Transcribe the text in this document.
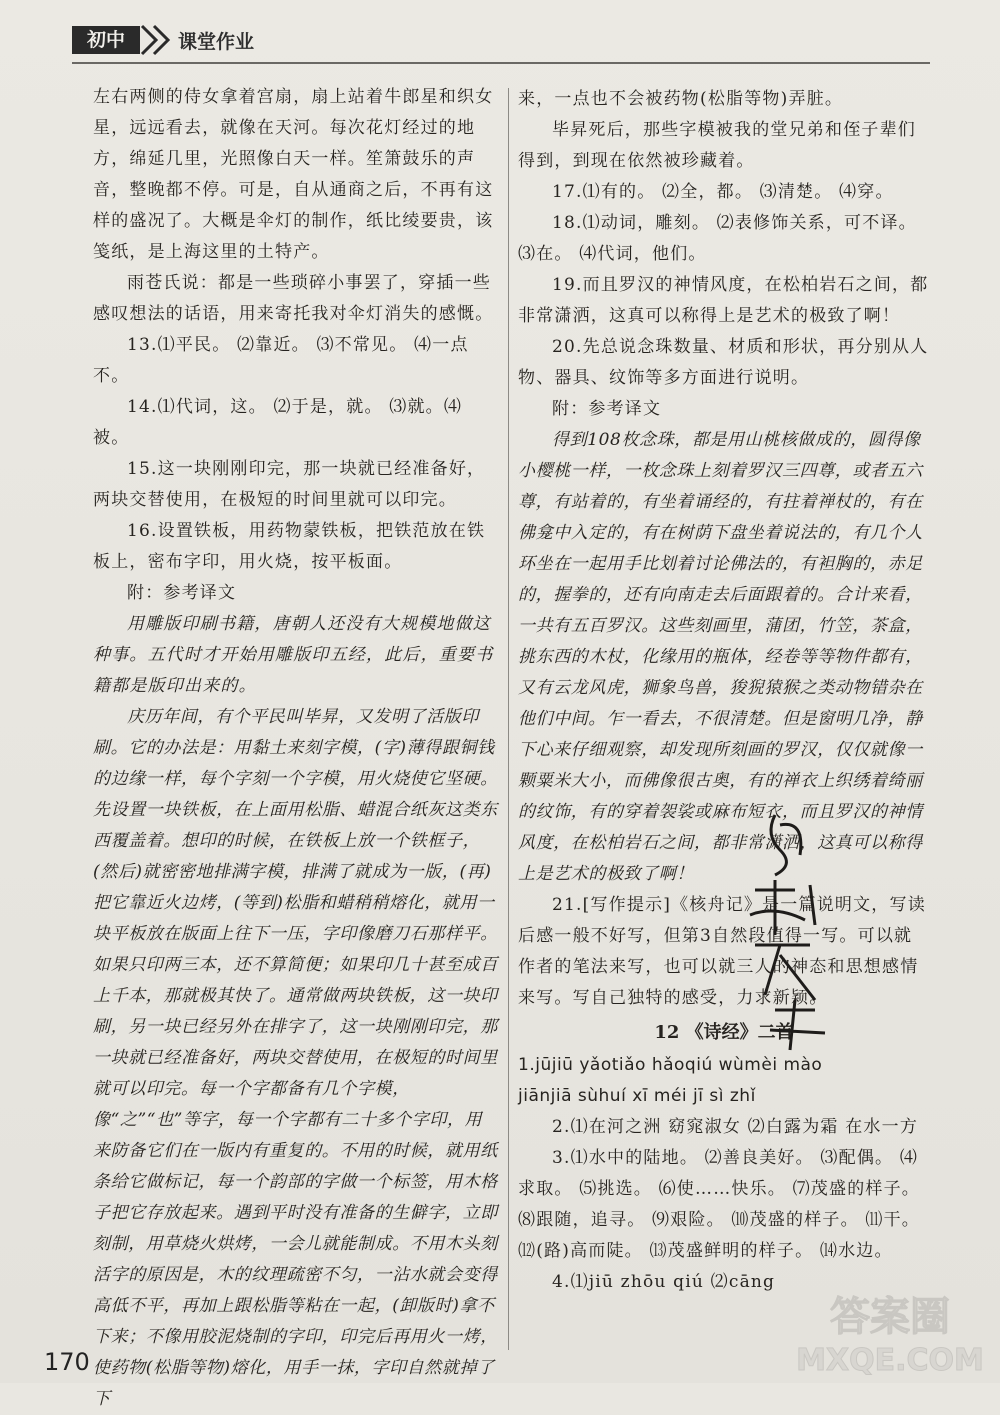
初中	课堂作业

左右两侧的侍女拿着宫扇，扇上站着牛郎星和织女星，远远看去，就像在天河。每次花灯经过的地方，绵延几里，光照像白天一样。笙箫鼓乐的声音，整晚都不停。可是，自从通商之后，不再有这样的盛况了。大概是伞灯的制作，纸比绫要贵，该笺纸，是上海这里的土特产。

雨苍氏说：都是一些琐碎小事罢了，穿插一些感叹想法的话语，用来寄托我对伞灯消失的感慨。

13.⑴平民。 ⑵靠近。 ⑶不常见。 ⑷一点不。

14.⑴代词，这。 ⑵于是，就。 ⑶就。⑷被。

15.这一块刚刚印完，那一块就已经准备好，两块交替使用，在极短的时间里就可以印完。

16.设置铁板，用药物蒙铁板，把铁范放在铁板上，密布字印，用火烧，按平板面。

附：参考译文

用雕版印刷书籍，唐朝人还没有大规模地做这种事。五代时才开始用雕版印五经，此后，重要书籍都是版印出来的。

庆历年间，有个平民叫毕昇，又发明了活版印刷。它的办法是：用黏土来刻字模，(字)薄得跟铜钱的边缘一样，每个字刻一个字模，用火烧使它坚硬。先设置一块铁板，在上面用松脂、蜡混合纸灰这类东西覆盖着。想印的时候，在铁板上放一个铁框子，(然后)就密密地排满字模，排满了就成为一版，(再)把它靠近火边烤，(等到)松脂和蜡稍稍熔化，就用一块平板放在版面上往下一压，字印像磨刀石那样平。如果只印两三本，还不算简便；如果印几十甚至成百上千本，那就极其快了。通常做两块铁板，这一块印刷，另一块已经另外在排字了，这一块刚刚印完，那一块就已经准备好，两块交替使用，在极短的时间里就可以印完。每一个字都备有几个字模，像“之”“也”等字，每一个字都有二十多个字印，用来防备它们在一版内有重复的。不用的时候，就用纸条给它做标记，每一个韵部的字做一个标签，用木格子把它存放起来。遇到平时没有准备的生僻字，立即刻制，用草烧火烘烤，一会儿就能制成。不用木头刻活字的原因是，木的纹理疏密不匀，一沾水就会变得高低不平，再加上跟松脂等粘在一起，(卸版时)拿不下来；不像用胶泥烧制的字印，印完后再用火一烤，使药物(松脂等物)熔化，用手一抹，字印自然就掉了下

来，一点也不会被药物(松脂等物)弄脏。

毕昇死后，那些字模被我的堂兄弟和侄子辈们得到，到现在依然被珍藏着。

17.⑴有的。 ⑵全，都。 ⑶清楚。 ⑷穿。

18.⑴动词，雕刻。 ⑵表修饰关系，可不译。⑶在。 ⑷代词，他们。

19.而且罗汉的神情风度，在松柏岩石之间，都非常潇洒，这真可以称得上是艺术的极致了啊！

20.先总说念珠数量、材质和形状，再分别从人物、器具、纹饰等多方面进行说明。

附：参考译文

得到108枚念珠，都是用山桃核做成的，圆得像小樱桃一样，一枚念珠上刻着罗汉三四尊，或者五六尊，有站着的，有坐着诵经的，有拄着禅杖的，有在佛龛中入定的，有在树荫下盘坐着说法的，有几个人环坐在一起用手比划着讨论佛法的，有袒胸的，赤足的，握拳的，还有向南走去后面跟着的。合计来看，一共有五百罗汉。这些刻画里，蒲团，竹笠，茶盒，挑东西的木杖，化缘用的瓶体，经卷等等物件都有，又有云龙风虎，狮象鸟兽，狻猊猿猴之类动物错杂在他们中间。乍一看去，不很清楚。但是窗明几净，静下心来仔细观察，却发现所刻画的罗汉，仅仅就像一颗粟米大小，而佛像很古奥，有的禅衣上织绣着绮丽的纹饰，有的穿着袈裟或麻布短衣，而且罗汉的神情风度，在松柏岩石之间，都非常潇洒，这真可以称得上是艺术的极致了啊！

21.[写作提示]《核舟记》是一篇说明文，写读后感一般不好写，但第3自然段值得一写。可以就作者的笔法来写，也可以就三人的神态和思想感情来写。写自己独特的感受，力求新颖。

12 《诗经》二首

1.jūjiū yǎotiǎo hǎoqiú wùmèi mào

jiānjiā sùhuí xī méi jī sì zhǐ

2.⑴在河之洲 窈窕淑女 ⑵白露为霜 在水一方

3.⑴水中的陆地。 ⑵善良美好。 ⑶配偶。 ⑷求取。 ⑸挑选。 ⑹使……快乐。 ⑺茂盛的样子。 ⑻跟随，追寻。 ⑼艰险。 ⑽茂盛的样子。 ⑾干。 ⑿(路)高而陡。 ⒀茂盛鲜明的样子。 ⒁水边。

4.⑴jiū zhōu qiú ⑵cāng

答案圈
MXQE.COM
170
